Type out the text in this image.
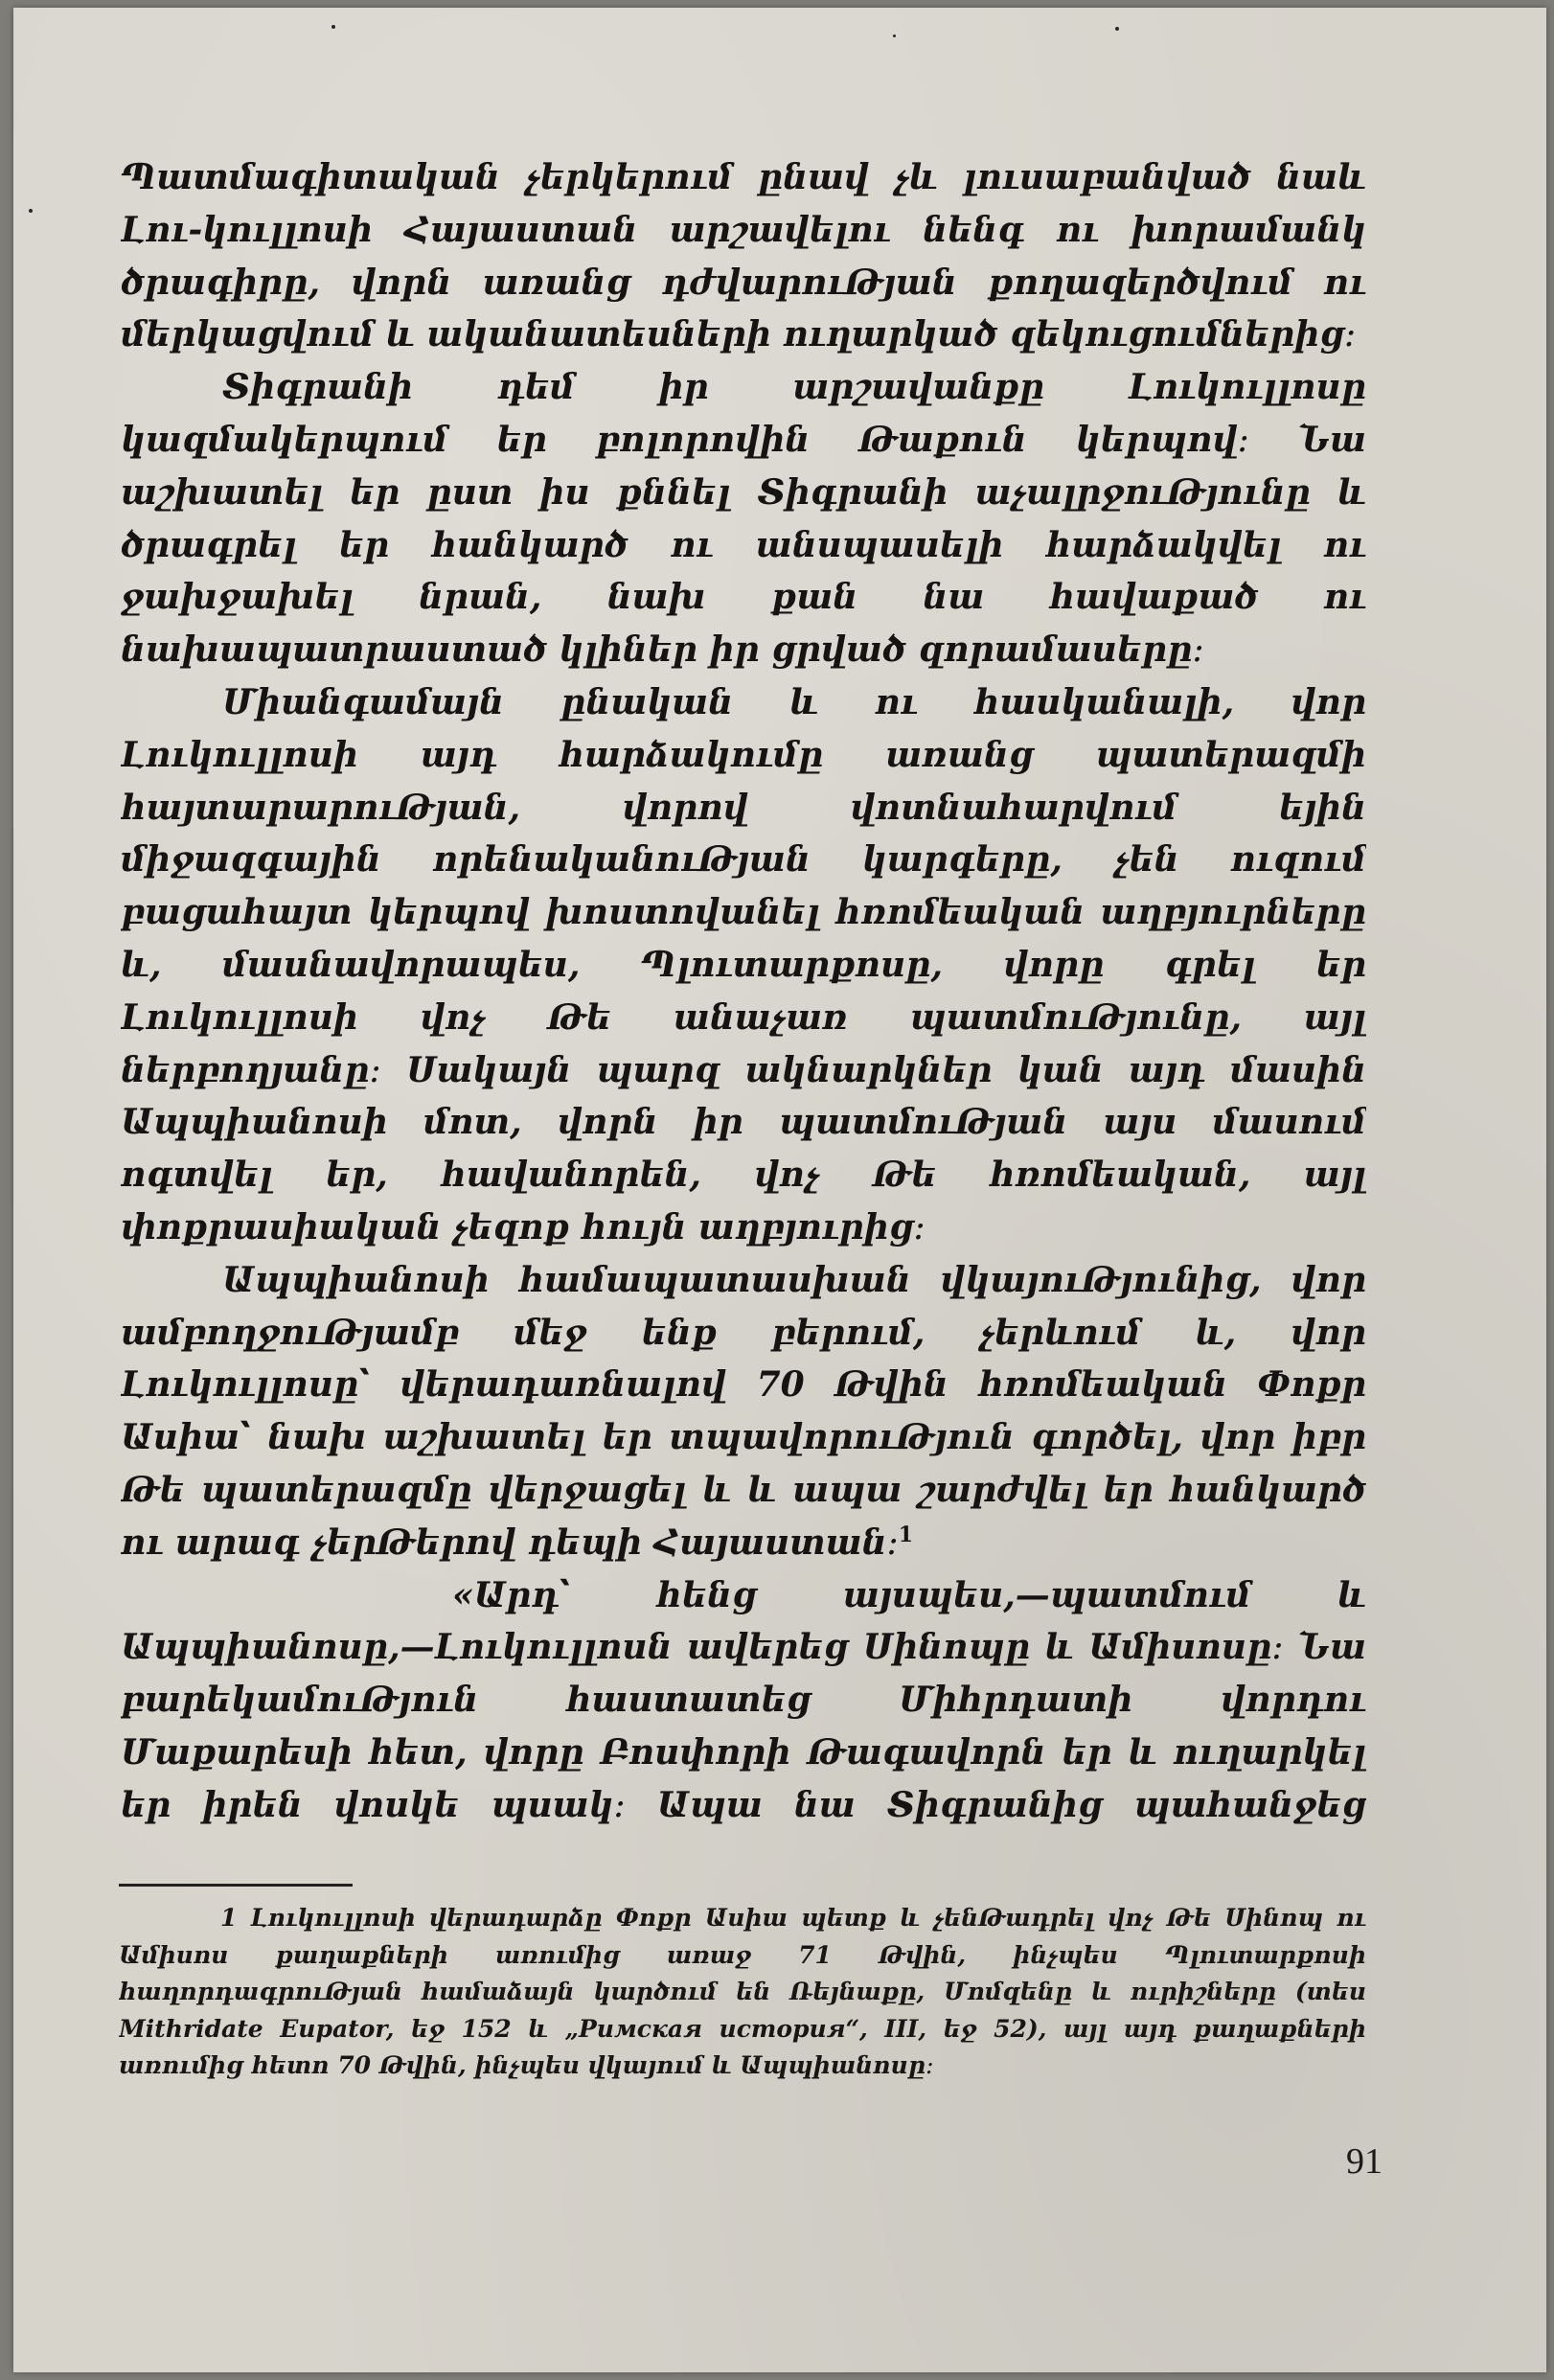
Պատմագիտական չերկերում ընավ չև լուսաբանված նաև Լու-կուլլոսի Հայաստան արշավելու նենգ ու խորամանկ ծրագիրը, վորն առանց դժվարուԹյան քողազերծվում ու մերկացվում և ականատեսների ուղարկած զեկուցումներից։

Տիգրանի դեմ իր արշավանքը Լուկուլլոսը կազմակերպում եր բոլորովին Թաքուն կերպով։ Նա աշխատել եր ըստ իս քննել Տիգրանի աչալրջուԹյունը և ծրագրել եր հանկարծ ու անսպասելի հարձակվել ու ջախջախել նրան, նախ քան նա հավաքած ու նախապատրաստած կլիներ իր ցրված զորամասերը։

Միանգամայն ընական և ու հասկանալի, վոր Լուկուլլոսի այդ հարձակումը առանց պատերազմի հայտարարուԹյան, վորով վոտնահարվում եյին միջազգային որենականուԹյան կարգերը, չեն ուզում բացահայտ կերպով խոստովանել հռոմեական աղբյուրները և, մասնավորապես, Պլուտարքոսը, վորը գրել եր Լուկուլլոսի վոչ Թե անաչառ պատմուԹյունը, այլ ներբողյանը։ Սակայն պարզ ակնարկներ կան այդ մասին Ապպիանոսի մոտ, վորն իր պատմուԹյան այս մասում ոգտվել եր, հավանորեն, վոչ Թե հռոմեական, այլ փոքրասիական չեզոք հույն աղբյուրից։

Ապպիանոսի համապատասխան վկայուԹյունից, վոր ամբողջուԹյամբ մեջ ենք բերում, չերևում և, վոր Լուկուլլոսը՝ վերադառնալով 70 Թվին հռոմեական Փոքր Ասիա՝ նախ աշխատել եր տպավորուԹյուն գործել, վոր իբր Թե պատերազմը վերջացել և և ապա շարժվել եր հանկարծ ու արագ չերԹերով դեպի Հայաստան։$^1$

«Արդ՝ հենց այսպես,—պատմում և Ապպիանոսը,—Լուկուլլոսն ավերեց Սինոպը և Ամիսոսը։ Նա բարեկամուԹյուն հաստատեց Միհրդատի վորդու Մաքարեսի հետ, վորը Բոսփորի Թագավորն եր և ուղարկել եր իրեն վոսկե պսակ։ Ապա նա Տիգրանից պահանջեց

1 Լուկուլլոսի վերադարձը Փոքր Ասիա պետք և չենԹադրել վոչ Թե Սինոպ ու Ամիսոս քաղաքների առումից առաջ 71 Թվին, ինչպես Պլուտարքոսի հաղորդագրուԹյան համաձայն կարծում են Ռեյնաքը, Մոմզենը և ուրիշները (տես Mithridate Eupator, եջ 152 և „Римская история“, III, եջ 52), այլ այդ քաղաքների առումից հետո 70 Թվին, ինչպես վկայում և Ապպիանոսը։

91
